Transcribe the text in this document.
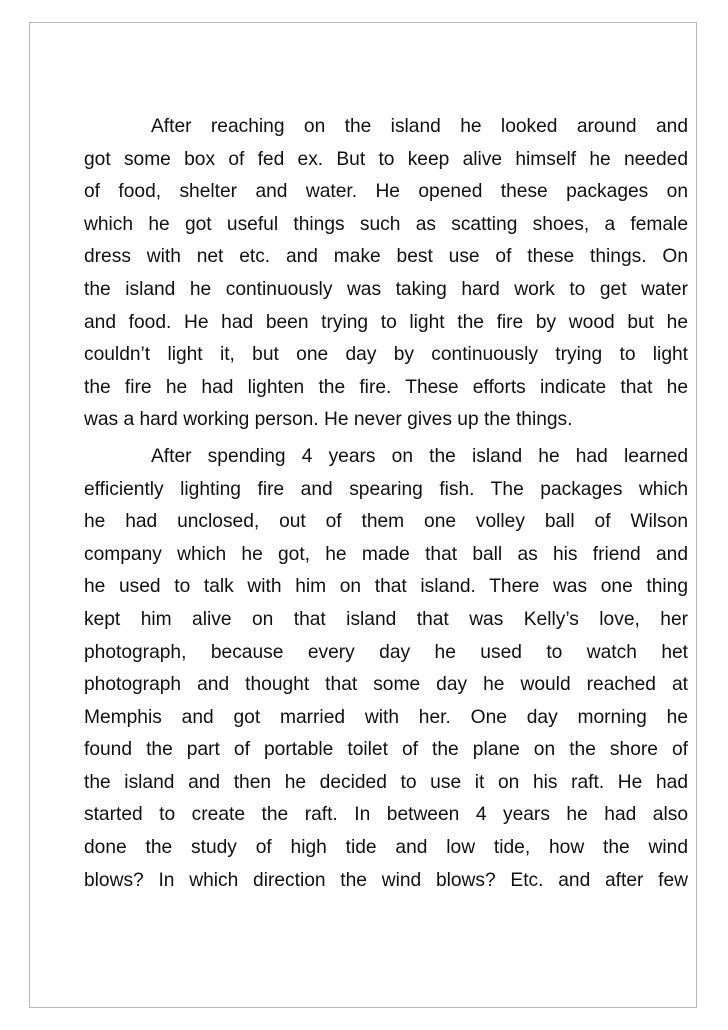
After reaching on the island he looked around and
got some box of fed ex. But to keep alive himself he needed
of food, shelter and water. He opened these packages on
which he got useful things such as scatting shoes, a female
dress with net etc. and make best use of these things. On
the island he continuously was taking hard work to get water
and food. He had been trying to light the fire by wood but he
couldn’t light it, but one day by continuously trying to light
the fire he had lighten the fire. These efforts indicate that he
was a hard working person. He never gives up the things.

After spending 4 years on the island he had learned
efficiently lighting fire and spearing fish. The packages which
he had unclosed, out of them one volley ball of Wilson
company which he got, he made that ball as his friend and
he used to talk with him on that island. There was one thing
kept him alive on that island that was Kelly’s love, her
photograph, because every day he used to watch het
photograph and thought that some day he would reached at
Memphis and got married with her. One day morning he
found the part of portable toilet of the plane on the shore of
the island and then he decided to use it on his raft. He had
started to create the raft. In between 4 years he had also
done the study of high tide and low tide, how the wind
blows? In which direction the wind blows? Etc. and after few
